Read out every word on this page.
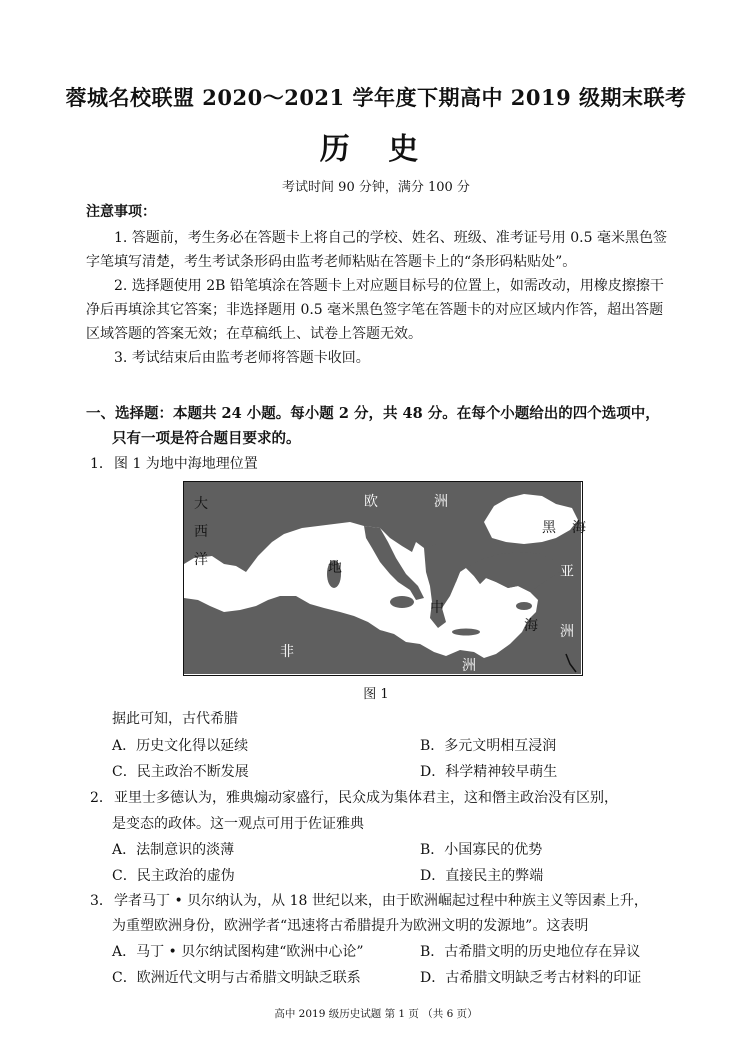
蓉城名校联盟 2020～2021 学年度下期高中 2019 级期末联考
历 史
考试时间 90 分钟，满分 100 分
注意事项：
1. 答题前，考生务必在答题卡上将自己的学校、姓名、班级、准考证号用 0.5 毫米黑色签字笔填写清楚，考生考试条形码由监考老师粘贴在答题卡上的“条形码粘贴处”。
2. 选择题使用 2B 铅笔填涂在答题卡上对应题目标号的位置上，如需改动，用橡皮擦擦干净后再填涂其它答案；非选择题用 0.5 毫米黑色签字笔在答题卡的对应区域内作答，超出答题区域答题的答案无效；在草稿纸上、试卷上答题无效。
3. 考试结束后由监考老师将答题卡收回。
一、选择题：本题共 24 小题。每小题 2 分，共 48 分。在每个小题给出的四个选项中，
只有一项是符合题目要求的。
1．图 1 为地中海地理位置
大
西
洋
欧	洲
黑 海
亚
洲
地
中
海
非
洲
图 1
据此可知，古代希腊
A．历史文化得以延续	B．多元文明相互浸润
C．民主政治不断发展	D．科学精神较早萌生
2．亚里士多德认为，雅典煽动家盛行，民众成为集体君主，这和僭主政治没有区别，
是变态的政体。这一观点可用于佐证雅典
A．法制意识的淡薄	B．小国寡民的优势
C．民主政治的虚伪	D．直接民主的弊端
3．学者马丁 • 贝尔纳认为，从 18 世纪以来，由于欧洲崛起过程中种族主义等因素上升，
为重塑欧洲身份，欧洲学者“迅速将古希腊提升为欧洲文明的发源地”。这表明
A．马丁 • 贝尔纳试图构建“欧洲中心论”	B．古希腊文明的历史地位存在异议
C．欧洲近代文明与古希腊文明缺乏联系	D．古希腊文明缺乏考古材料的印证
高中 2019 级历史试题 第 1 页 （共 6 页）
